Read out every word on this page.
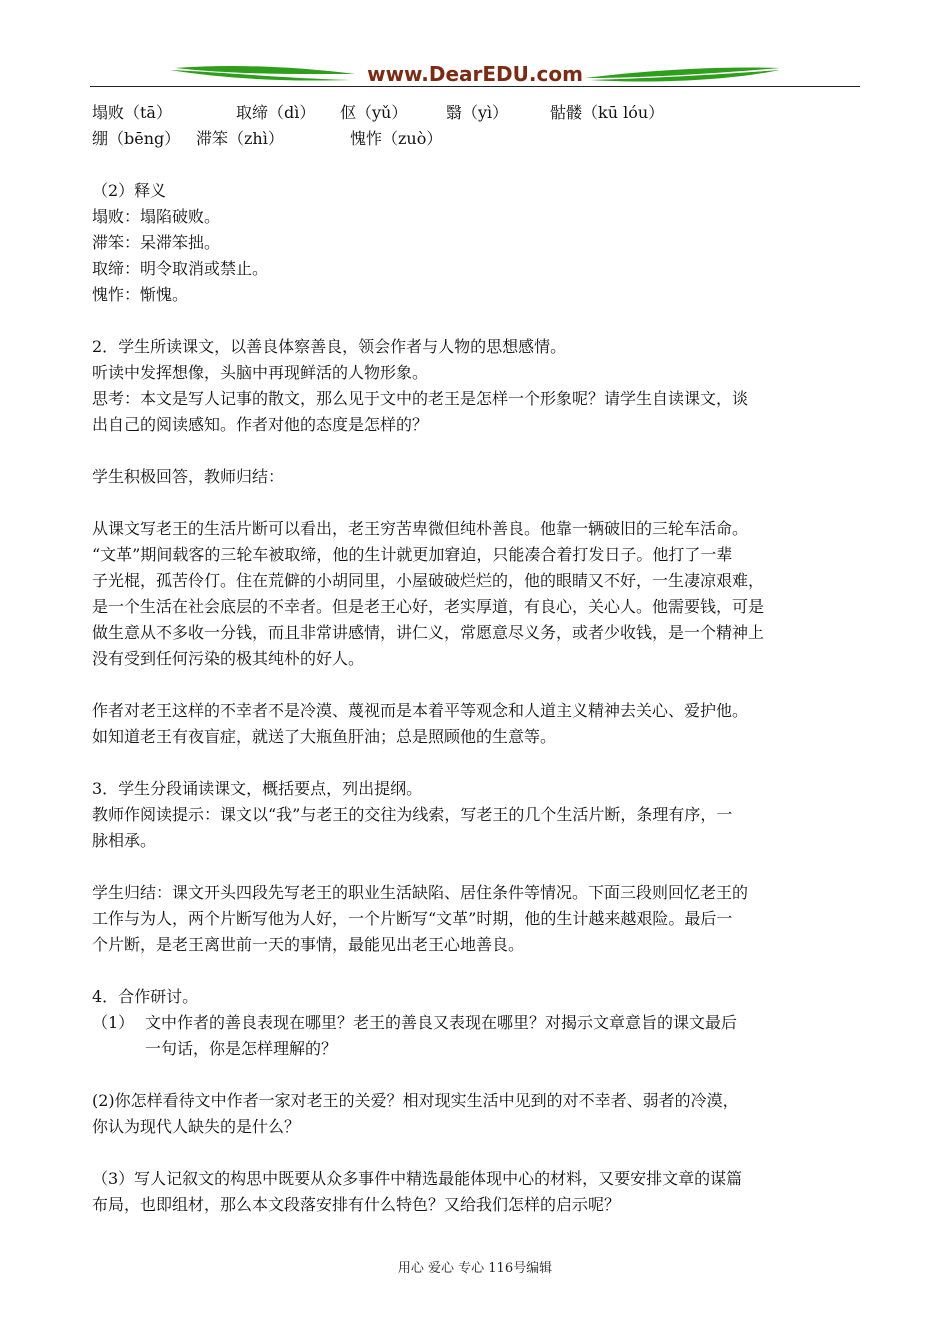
www.DearEDU.com
塌败（tā）	取缔（dì） 伛（yǔ） 翳（yì）	骷髅（kū lóu）
绷（bēng） 滞笨（zhì）	愧怍（zuò）
（2）释义
塌败：塌陷破败。
滞笨：呆滞笨拙。
取缔：明令取消或禁止。
愧怍：惭愧。
2．学生所读课文，以善良体察善良，领会作者与人物的思想感情。
听读中发挥想像，头脑中再现鲜活的人物形象。
思考：本文是写人记事的散文，那么见于文中的老王是怎样一个形象呢？请学生自读课文，谈
出自己的阅读感知。作者对他的态度是怎样的？
学生积极回答，教师归结：
从课文写老王的生活片断可以看出，老王穷苦卑微但纯朴善良。他靠一辆破旧的三轮车活命。
“文革”期间载客的三轮车被取缔，他的生计就更加窘迫，只能凑合着打发日子。他打了一辈
子光棍，孤苦伶仃。住在荒僻的小胡同里，小屋破破烂烂的，他的眼睛又不好，一生凄凉艰难，
是一个生活在社会底层的不幸者。但是老王心好，老实厚道，有良心，关心人。他需要钱，可是
做生意从不多收一分钱，而且非常讲感情，讲仁义，常愿意尽义务，或者少收钱，是一个精神上
没有受到任何污染的极其纯朴的好人。
作者对老王这样的不幸者不是冷漠、蔑视而是本着平等观念和人道主义精神去关心、爱护他。
如知道老王有夜盲症，就送了大瓶鱼肝油；总是照顾他的生意等。
3．学生分段诵读课文，概括要点，列出提纲。
教师作阅读提示：课文以“我”与老王的交往为线索，写老王的几个生活片断，条理有序，一
脉相承。
学生归结：课文开头四段先写老王的职业生活缺陷、居住条件等情况。下面三段则回忆老王的
工作与为人，两个片断写他为人好，一个片断写“文革”时期，他的生计越来越艰险。最后一
个片断，是老王离世前一天的事情，最能见出老王心地善良。
4．合作研讨。
（1） 文中作者的善良表现在哪里？老王的善良又表现在哪里？对揭示文章意旨的课文最后
一句话，你是怎样理解的？
(2)你怎样看待文中作者一家对老王的关爱？相对现实生活中见到的对不幸者、弱者的冷漠，
你认为现代人缺失的是什么？
（3）写人记叙文的构思中既要从众多事件中精选最能体现中心的材料，又要安排文章的谋篇
布局，也即组材，那么本文段落安排有什么特色？又给我们怎样的启示呢？
用心 爱心 专心 116号编辑
